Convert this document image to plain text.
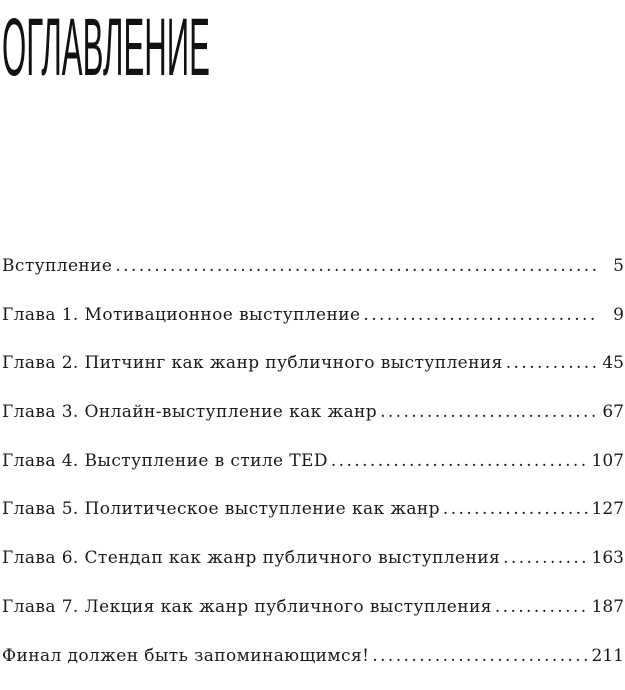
ОГЛАВЛЕНИЕ
Вступление . . .	5
Глава 1. Мотивационное выступление . . .	9
Глава 2. Питчинг как жанр публичного выступления . . .	45
Глава 3. Онлайн-выступление как жанр . . .	67
Глава 4. Выступление в стиле TED . . .	107
Глава 5. Политическое выступление как жанр . . .	127
Глава 6. Стендап как жанр публичного выступления . . .	163
Глава 7. Лекция как жанр публичного выступления . . .	187
Финал должен быть запоминающимся! . . .	211
